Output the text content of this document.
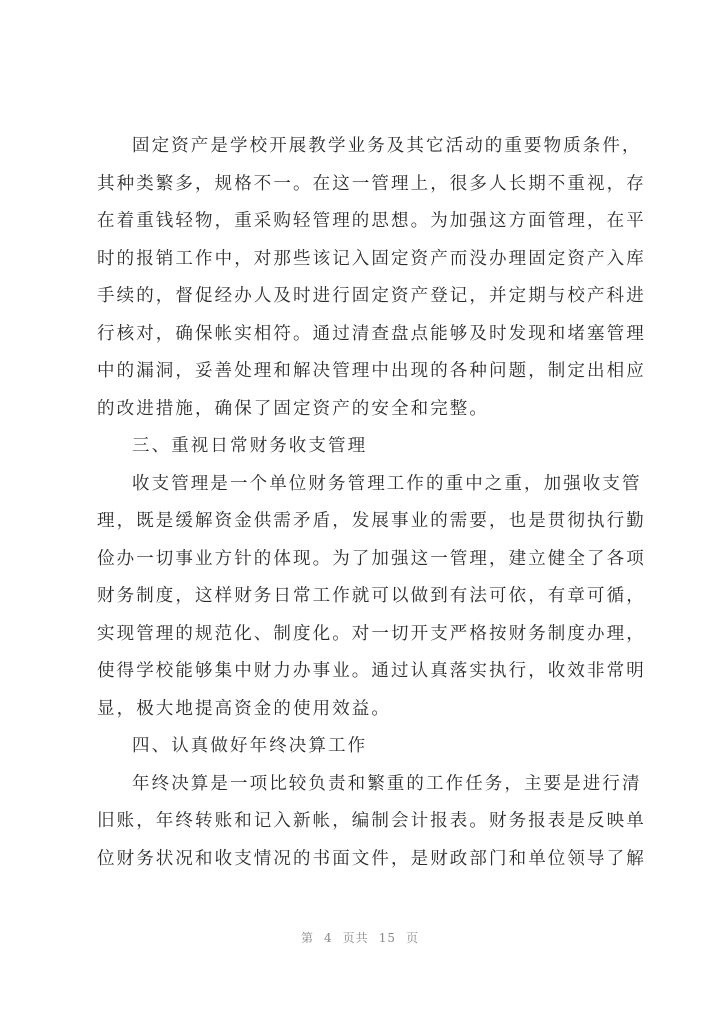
固定资产是学校开展教学业务及其它活动的重要物质条件，
其种类繁多，规格不一。在这一管理上，很多人长期不重视，存
在着重钱轻物，重采购轻管理的思想。为加强这方面管理，在平
时的报销工作中，对那些该记入固定资产而没办理固定资产入库
手续的，督促经办人及时进行固定资产登记，并定期与校产科进
行核对，确保帐实相符。通过清查盘点能够及时发现和堵塞管理
中的漏洞，妥善处理和解决管理中出现的各种问题，制定出相应
的改进措施，确保了固定资产的安全和完整。
三、重视日常财务收支管理
收支管理是一个单位财务管理工作的重中之重，加强收支管
理，既是缓解资金供需矛盾，发展事业的需要，也是贯彻执行勤
俭办一切事业方针的体现。为了加强这一管理，建立健全了各项
财务制度，这样财务日常工作就可以做到有法可依，有章可循，
实现管理的规范化、制度化。对一切开支严格按财务制度办理，
使得学校能够集中财力办事业。通过认真落实执行，收效非常明
显，极大地提高资金的使用效益。
四、认真做好年终决算工作
年终决算是一项比较负责和繁重的工作任务，主要是进行清
旧账，年终转账和记入新帐，编制会计报表。财务报表是反映单
位财务状况和收支情况的书面文件，是财政部门和单位领导了解
第 4 页共 15 页
